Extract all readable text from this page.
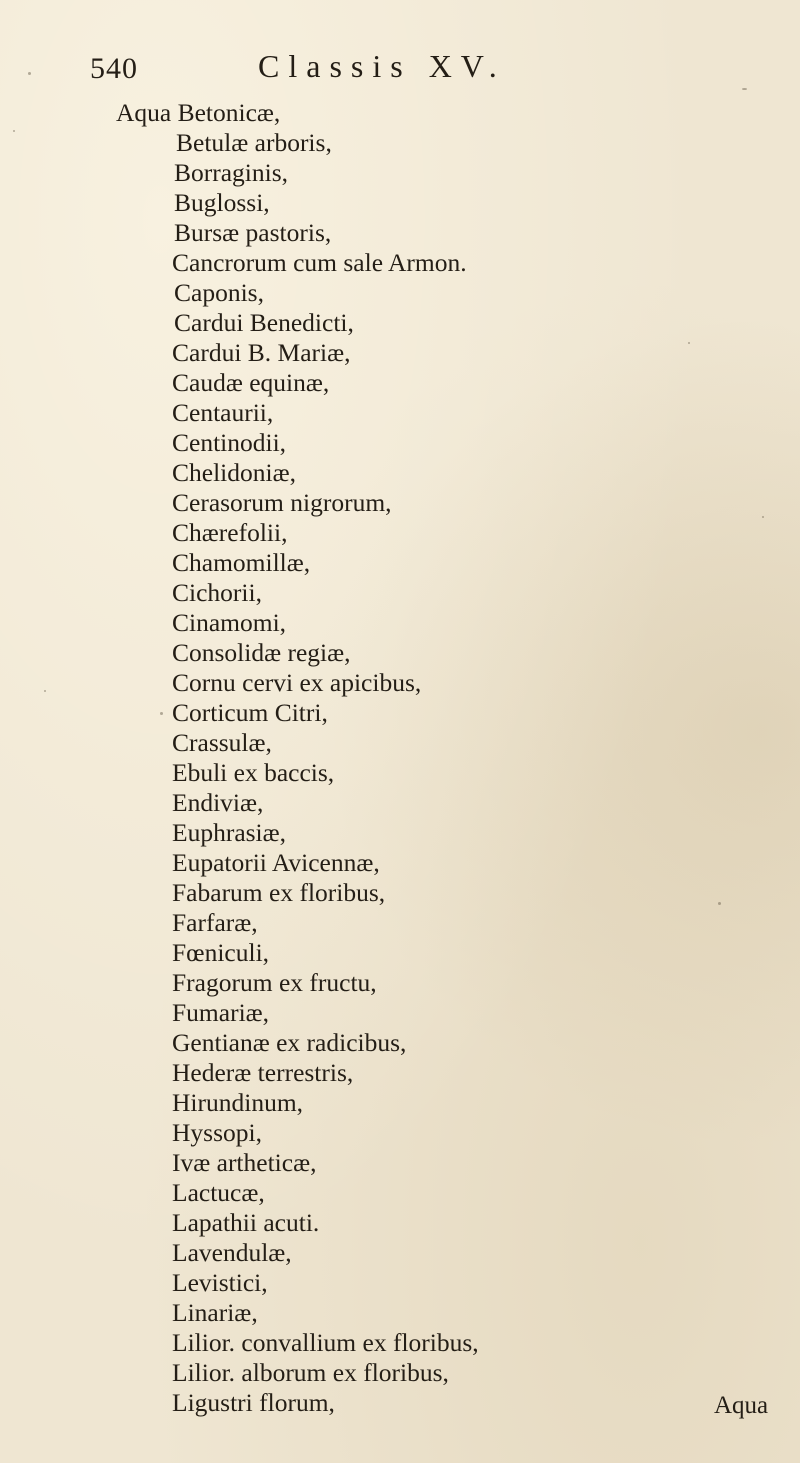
540	Classis XV.
Aqua Betonicæ,
Betulæ arboris,
Borraginis,
Buglossi,
Bursæ pastoris,
Cancrorum cum sale Armon.
Caponis,
Cardui Benedicti,
Cardui B. Mariæ,
Caudæ equinæ,
Centaurii,
Centinodii,
Chelidoniæ,
Cerasorum nigrorum,
Chærefolii,
Chamomillæ,
Cichorii,
Cinamomi,
Consolidæ regiæ,
Cornu cervi ex apicibus,
Corticum Citri,
Crassulæ,
Ebuli ex baccis,
Endiviæ,
Euphrasiæ,
Eupatorii Avicennæ,
Fabarum ex floribus,
Farfaræ,
Fœniculi,
Fragorum ex fructu,
Fumariæ,
Gentianæ ex radicibus,
Hederæ terrestris,
Hirundinum,
Hyssopi,
Ivæ artheticæ,
Lactucæ,
Lapathii acuti.
Lavendulæ,
Levistici,
Linariæ,
Lilior. convallium ex floribus,
Lilior. alborum ex floribus,
Ligustri florum,	Aqua
